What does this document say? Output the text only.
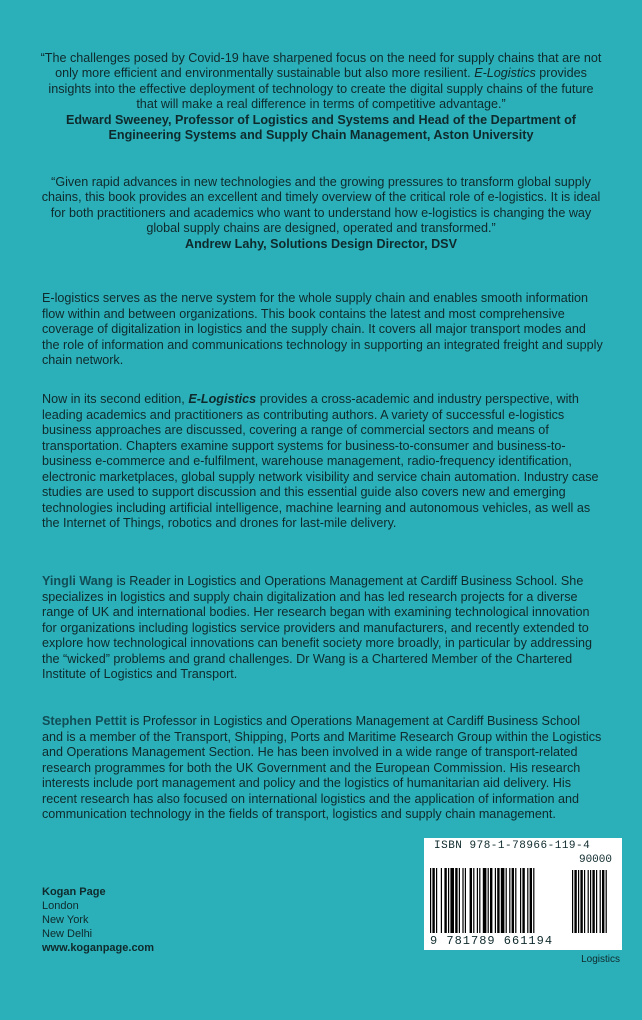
“The challenges posed by Covid-19 have sharpened focus on the need for supply chains that are not only more efficient and environmentally sustainable but also more resilient. E-Logistics provides insights into the effective deployment of technology to create the digital supply chains of the future that will make a real difference in terms of competitive advantage.”
Edward Sweeney, Professor of Logistics and Systems and Head of the Department of Engineering Systems and Supply Chain Management, Aston University
“Given rapid advances in new technologies and the growing pressures to transform global supply chains, this book provides an excellent and timely overview of the critical role of e-logistics. It is ideal for both practitioners and academics who want to understand how e-logistics is changing the way global supply chains are designed, operated and transformed.”
Andrew Lahy, Solutions Design Director, DSV
E-logistics serves as the nerve system for the whole supply chain and enables smooth information flow within and between organizations. This book contains the latest and most comprehensive coverage of digitalization in logistics and the supply chain. It covers all major transport modes and the role of information and communications technology in supporting an integrated freight and supply chain network.
Now in its second edition, E-Logistics provides a cross-academic and industry perspective, with leading academics and practitioners as contributing authors. A variety of successful e-logistics business approaches are discussed, covering a range of commercial sectors and means of transportation. Chapters examine support systems for business-to-consumer and business-to-business e-commerce and e-fulfilment, warehouse management, radio-frequency identification, electronic marketplaces, global supply network visibility and service chain automation. Industry case studies are used to support discussion and this essential guide also covers new and emerging technologies including artificial intelligence, machine learning and autonomous vehicles, as well as the Internet of Things, robotics and drones for last-mile delivery.
Yingli Wang is Reader in Logistics and Operations Management at Cardiff Business School. She specializes in logistics and supply chain digitalization and has led research projects for a diverse range of UK and international bodies. Her research began with examining technological innovation for organizations including logistics service providers and manufacturers, and recently extended to explore how technological innovations can benefit society more broadly, in particular by addressing the “wicked” problems and grand challenges. Dr Wang is a Chartered Member of the Chartered Institute of Logistics and Transport.
Stephen Pettit is Professor in Logistics and Operations Management at Cardiff Business School and is a member of the Transport, Shipping, Ports and Maritime Research Group within the Logistics and Operations Management Section. He has been involved in a wide range of transport-related research programmes for both the UK Government and the European Commission. His research interests include port management and policy and the logistics of humanitarian aid delivery. His recent research has also focused on international logistics and the application of information and communication technology in the fields of transport, logistics and supply chain management.
Kogan Page
London
New York
New Delhi
www.koganpage.com
ISBN 978-1-78966-119-4
90000
9 781789 661194
Logistics
